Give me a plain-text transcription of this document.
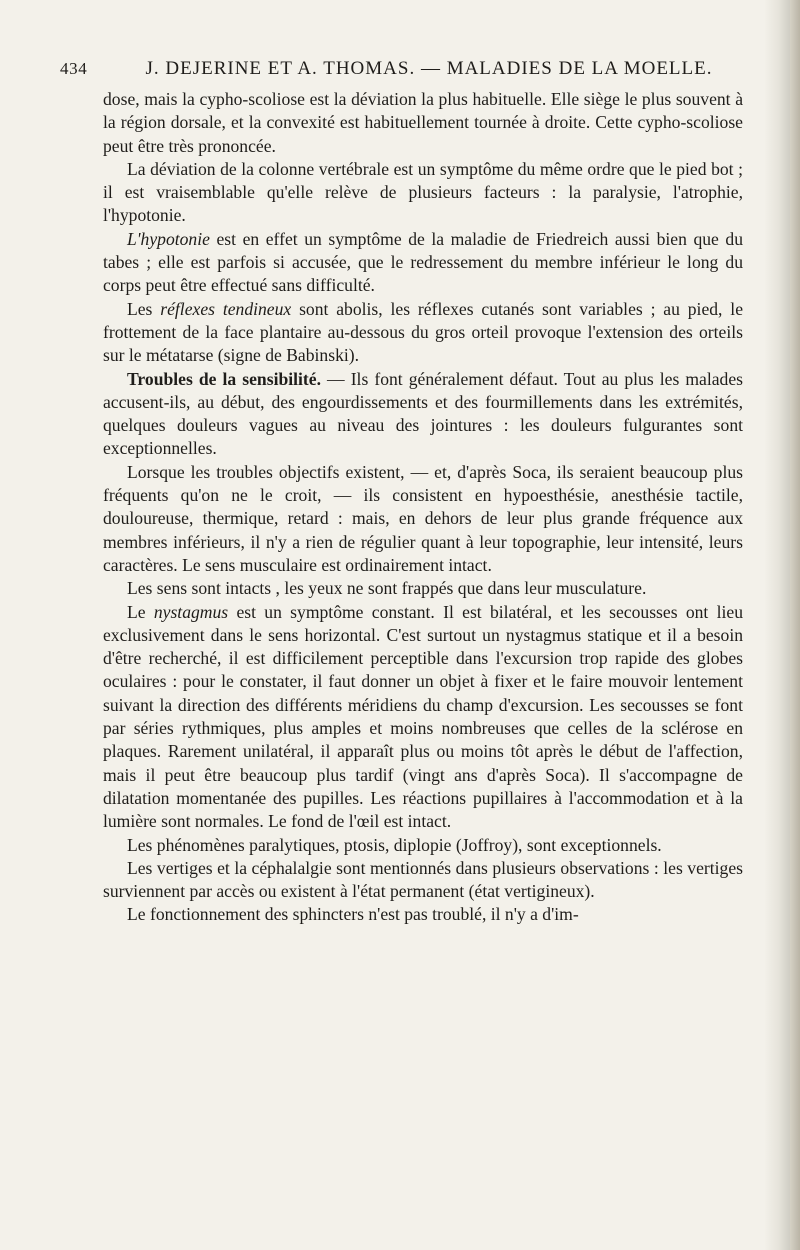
434	J. DEJERINE ET A. THOMAS. — MALADIES DE LA MOELLE.

dose, mais la cypho-scoliose est la déviation la plus habituelle. Elle siège le plus souvent à la région dorsale, et la convexité est habituellement tournée à droite. Cette cypho-scoliose peut être très prononcée.

La déviation de la colonne vertébrale est un symptôme du même ordre que le pied bot ; il est vraisemblable qu'elle relève de plusieurs facteurs : la paralysie, l'atrophie, l'hypotonie.

L'hypotonie est en effet un symptôme de la maladie de Friedreich aussi bien que du tabes ; elle est parfois si accusée, que le redressement du membre inférieur le long du corps peut être effectué sans difficulté.

Les réflexes tendineux sont abolis, les réflexes cutanés sont variables ; au pied, le frottement de la face plantaire au-dessous du gros orteil provoque l'extension des orteils sur le métatarse (signe de Babinski).

Troubles de la sensibilité. — Ils font généralement défaut. Tout au plus les malades accusent-ils, au début, des engourdissements et des fourmillements dans les extrémités, quelques douleurs vagues au niveau des jointures : les douleurs fulgurantes sont exceptionnelles.

Lorsque les troubles objectifs existent, — et, d'après Soca, ils seraient beaucoup plus fréquents qu'on ne le croit, — ils consistent en hypoesthésie, anesthésie tactile, douloureuse, thermique, retard : mais, en dehors de leur plus grande fréquence aux membres inférieurs, il n'y a rien de régulier quant à leur topographie, leur intensité, leurs caractères. Le sens musculaire est ordinairement intact.

Les sens sont intacts , les yeux ne sont frappés que dans leur musculature.

Le nystagmus est un symptôme constant. Il est bilatéral, et les secousses ont lieu exclusivement dans le sens horizontal. C'est surtout un nystagmus statique et il a besoin d'être recherché, il est difficilement perceptible dans l'excursion trop rapide des globes oculaires : pour le constater, il faut donner un objet à fixer et le faire mouvoir lentement suivant la direction des différents méridiens du champ d'excursion. Les secousses se font par séries rythmiques, plus amples et moins nombreuses que celles de la sclérose en plaques. Rarement unilatéral, il apparaît plus ou moins tôt après le début de l'affection, mais il peut être beaucoup plus tardif (vingt ans d'après Soca). Il s'accompagne de dilatation momentanée des pupilles. Les réactions pupillaires à l'accommodation et à la lumière sont normales. Le fond de l'œil est intact.

Les phénomènes paralytiques, ptosis, diplopie (Joffroy), sont exceptionnels.

Les vertiges et la céphalalgie sont mentionnés dans plusieurs observations : les vertiges surviennent par accès ou existent à l'état permanent (état vertigineux).

Le fonctionnement des sphincters n'est pas troublé, il n'y a d'im-
